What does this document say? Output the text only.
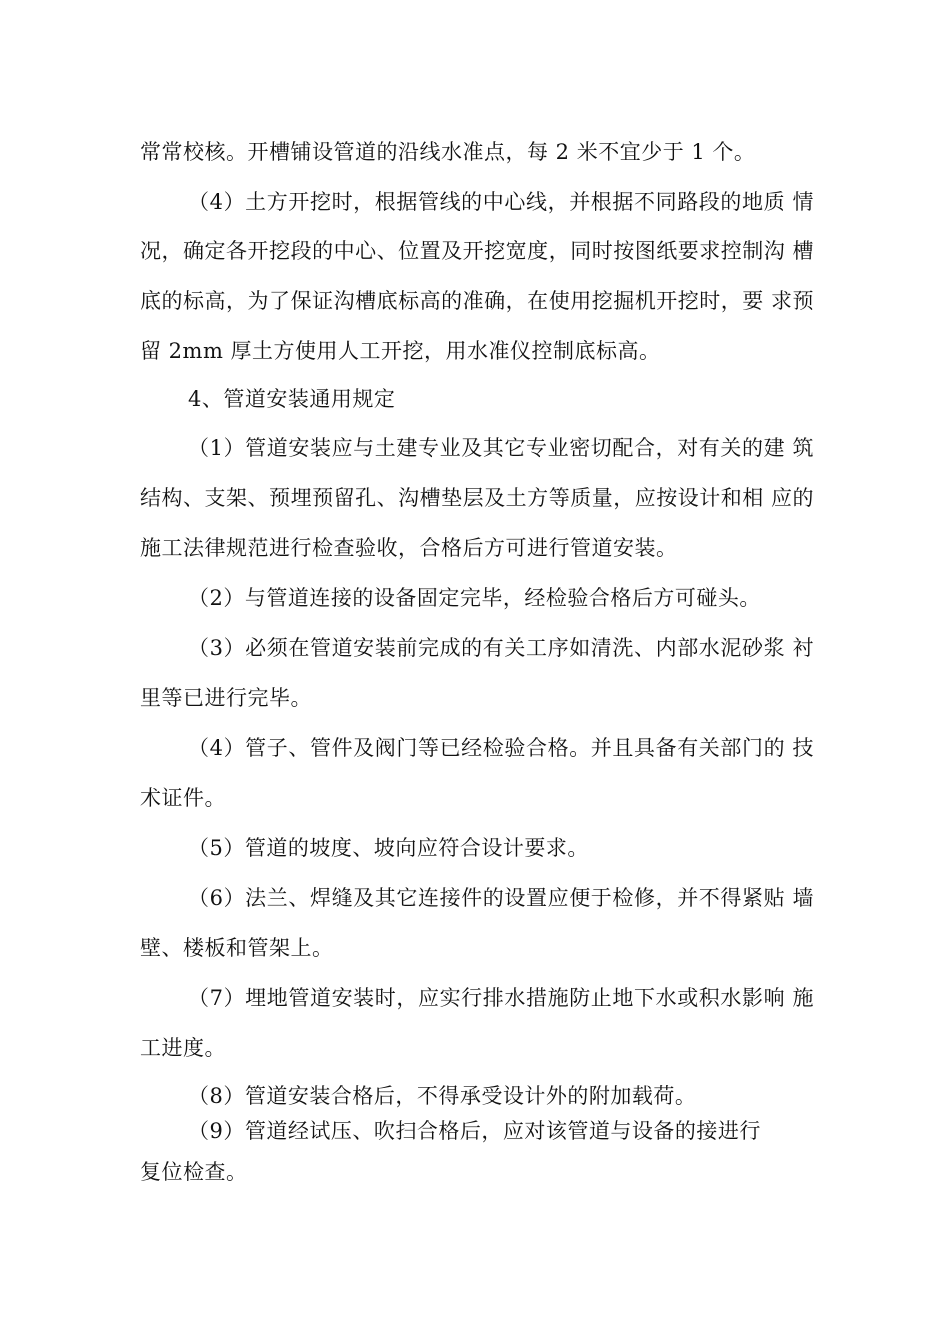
常常校核。开槽铺设管道的沿线水准点，每 2 米不宜少于 1 个。
（4）土方开挖时，根据管线的中心线，并根据不同路段的地质 情
况，确定各开挖段的中心、位置及开挖宽度，同时按图纸要求控制沟 槽
底的标高，为了保证沟槽底标高的准确，在使用挖掘机开挖时，要 求预
留 2mm 厚土方使用人工开挖，用水准仪控制底标高。
4、管道安装通用规定
（1）管道安装应与土建专业及其它专业密切配合，对有关的建 筑
结构、支架、预埋预留孔、沟槽垫层及土方等质量，应按设计和相 应的
施工法律规范进行检查验收，合格后方可进行管道安装。
（2）与管道连接的设备固定完毕，经检验合格后方可碰头。
（3）必须在管道安装前完成的有关工序如清洗、内部水泥砂浆 衬
里等已进行完毕。
（4）管子、管件及阀门等已经检验合格。并且具备有关部门的 技
术证件。
（5）管道的坡度、坡向应符合设计要求。
（6）法兰、焊缝及其它连接件的设置应便于检修，并不得紧贴 墙
壁、楼板和管架上。
（7）埋地管道安装时，应实行排水措施防止地下水或积水影响 施
工进度。
（8）管道安装合格后，不得承受设计外的附加载荷。
（9）管道经试压、吹扫合格后，应对该管道与设备的接进行
复位检查。
